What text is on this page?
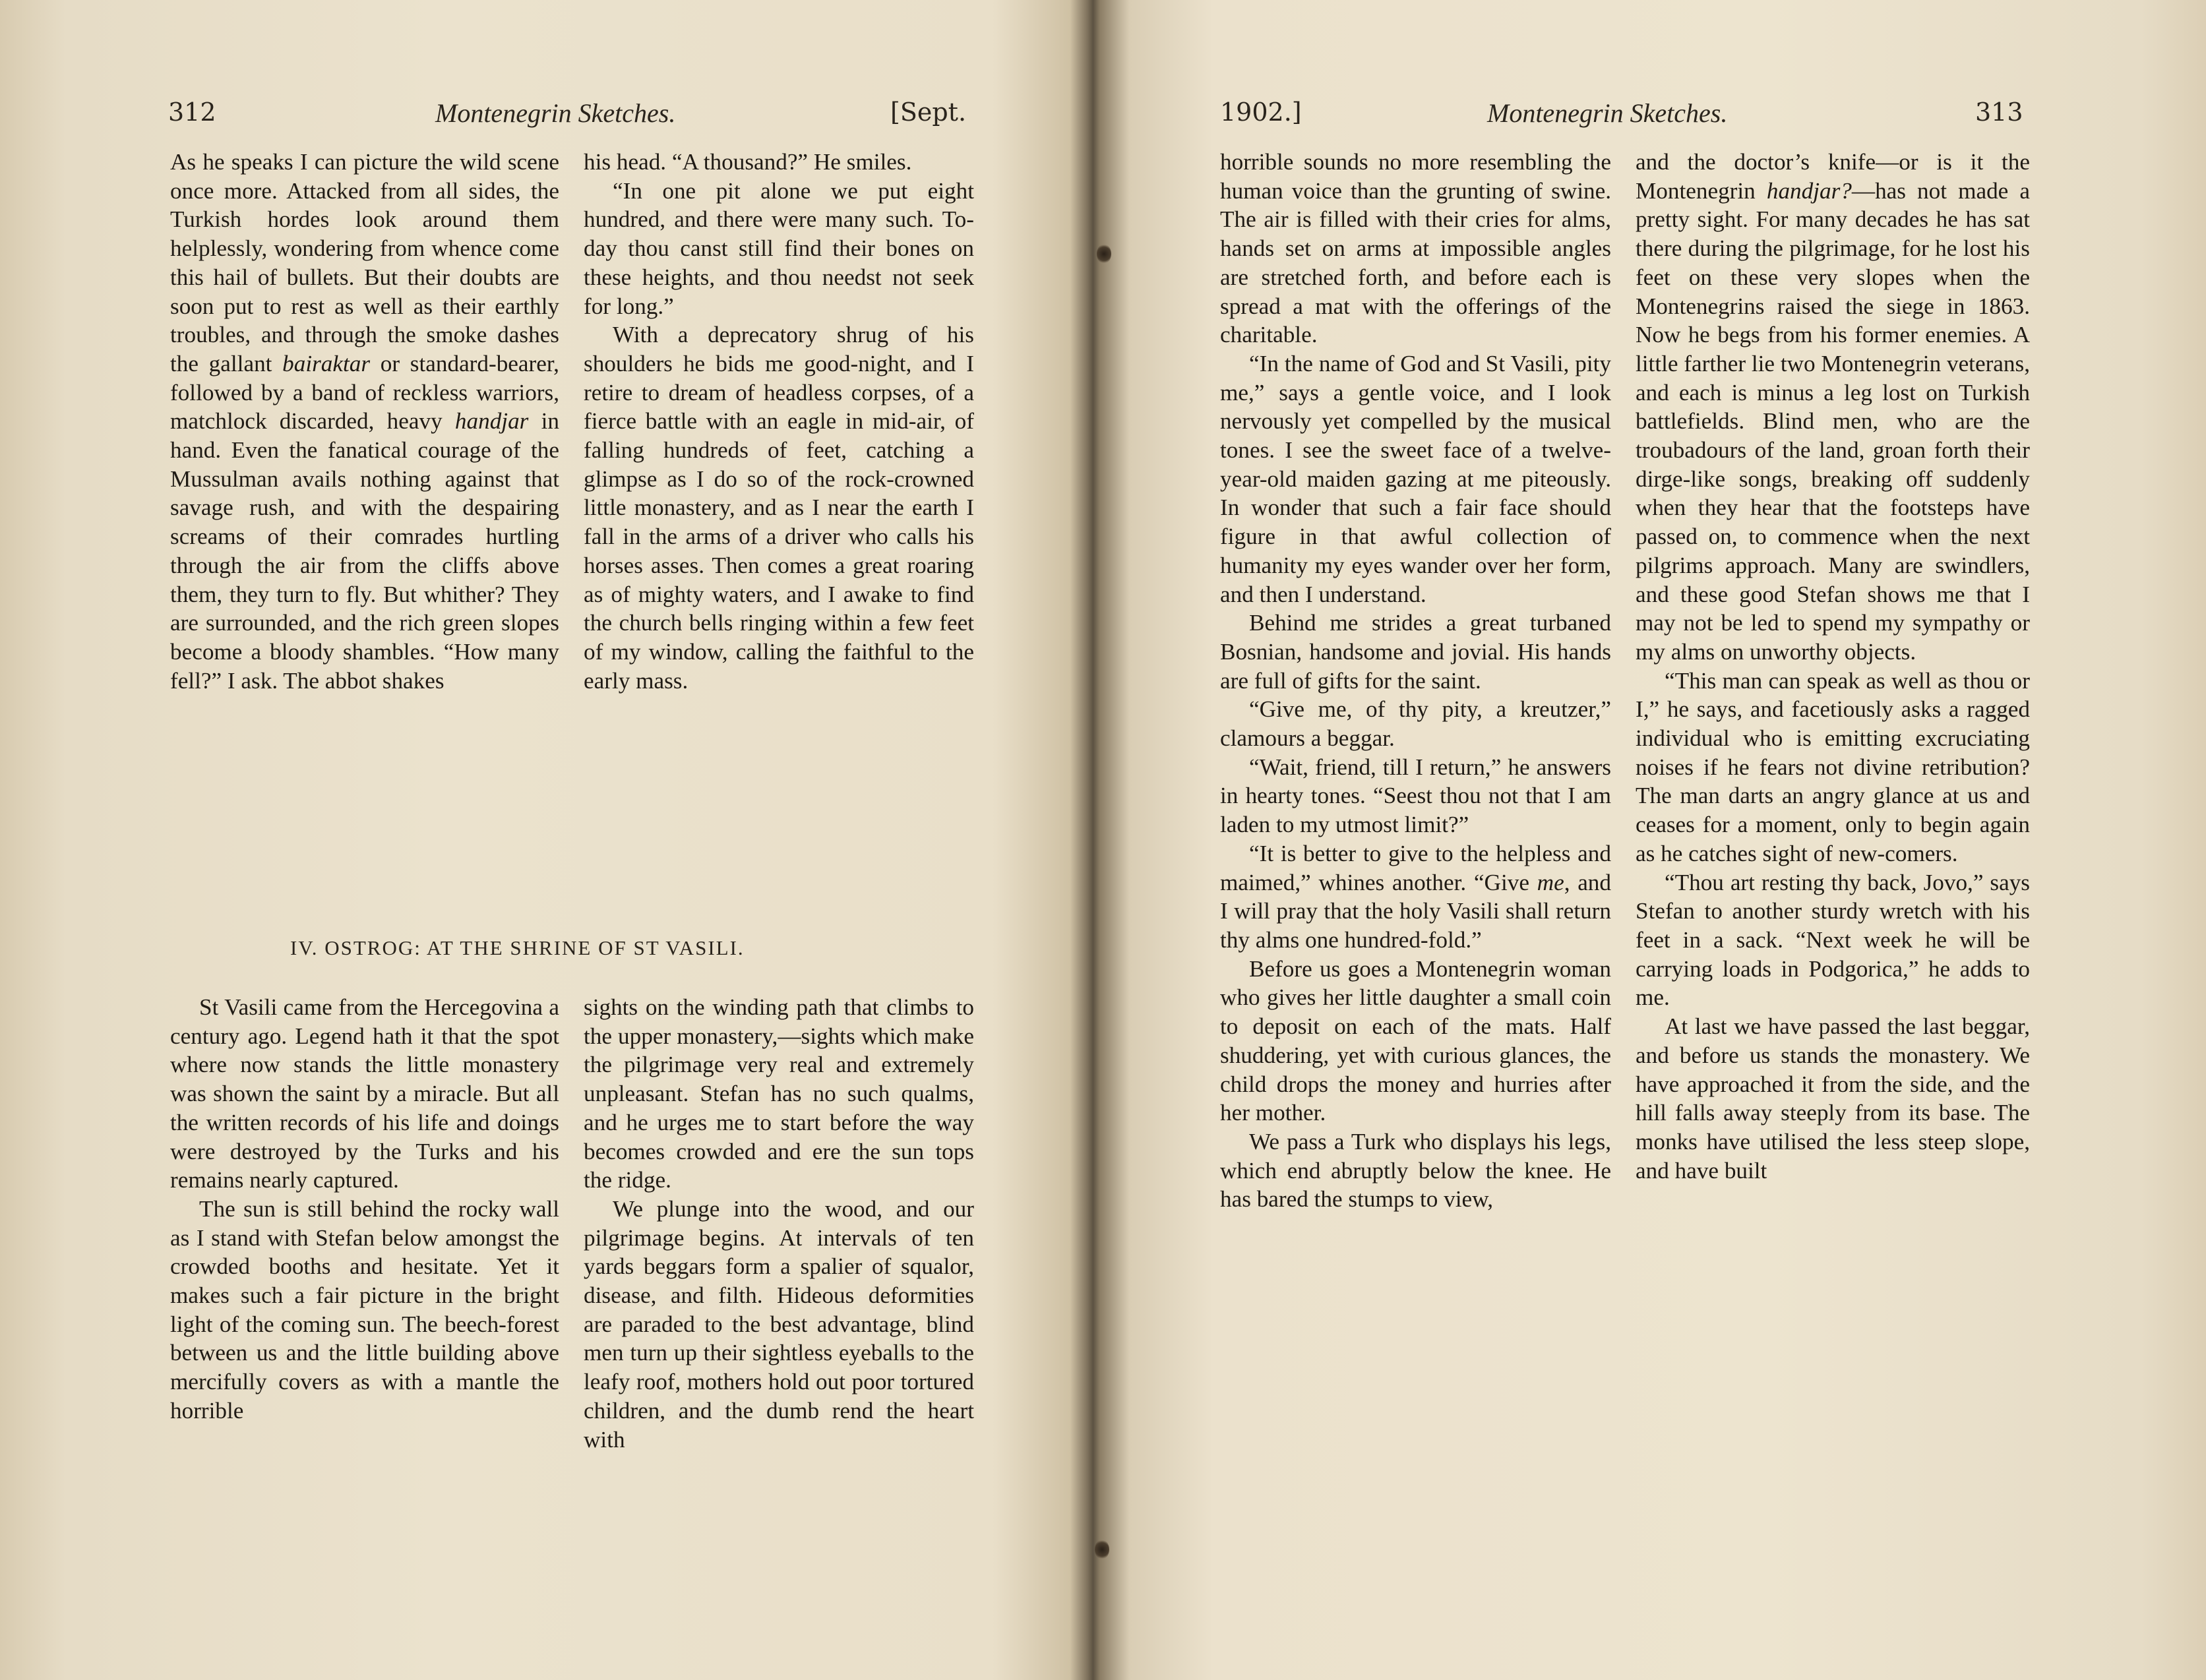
312	Montenegrin Sketches.	[Sept.

As he speaks I can picture the wild scene once more. Attacked from all sides, the Turkish hordes look around them helplessly, wondering from whence come this hail of bullets. But their doubts are soon put to rest as well as their earthly troubles, and through the smoke dashes the gallant bairaktar or standard-bearer, followed by a band of reckless warriors, matchlock discarded, heavy handjar in hand. Even the fanatical courage of the Mussulman avails nothing against that savage rush, and with the despairing screams of their comrades hurtling through the air from the cliffs above them, they turn to fly. But whither? They are surrounded, and the rich green slopes become a bloody shambles. “How many fell?” I ask. The abbot shakes

his head. “A thousand?” He smiles.

“In one pit alone we put eight hundred, and there were many such. To-day thou canst still find their bones on these heights, and thou needst not seek for long.”

With a deprecatory shrug of his shoulders he bids me good-night, and I retire to dream of headless corpses, of a fierce battle with an eagle in mid-air, of falling hundreds of feet, catching a glimpse as I do so of the rock-crowned little monastery, and as I near the earth I fall in the arms of a driver who calls his horses asses. Then comes a great roaring as of mighty waters, and I awake to find the church bells ringing within a few feet of my window, calling the faithful to the early mass.

IV. OSTROG: AT THE SHRINE OF ST VASILI.

St Vasili came from the Hercegovina a century ago. Legend hath it that the spot where now stands the little monastery was shown the saint by a miracle. But all the written records of his life and doings were destroyed by the Turks and his remains nearly captured.

The sun is still behind the rocky wall as I stand with Stefan below amongst the crowded booths and hesitate. Yet it makes such a fair picture in the bright light of the coming sun. The beech-forest between us and the little building above mercifully covers as with a mantle the horrible

sights on the winding path that climbs to the upper monastery,—sights which make the pilgrimage very real and extremely unpleasant. Stefan has no such qualms, and he urges me to start before the way becomes crowded and ere the sun tops the ridge.

We plunge into the wood, and our pilgrimage begins. At intervals of ten yards beggars form a spalier of squalor, disease, and filth. Hideous deformities are paraded to the best advantage, blind men turn up their sightless eyeballs to the leafy roof, mothers hold out poor tortured children, and the dumb rend the heart with

1902.]	Montenegrin Sketches.	313

horrible sounds no more resembling the human voice than the grunting of swine. The air is filled with their cries for alms, hands set on arms at impossible angles are stretched forth, and before each is spread a mat with the offerings of the charitable.

“In the name of God and St Vasili, pity me,” says a gentle voice, and I look nervously yet compelled by the musical tones. I see the sweet face of a twelve-year-old maiden gazing at me piteously. In wonder that such a fair face should figure in that awful collection of humanity my eyes wander over her form, and then I understand.

Behind me strides a great turbaned Bosnian, handsome and jovial. His hands are full of gifts for the saint.

“Give me, of thy pity, a kreutzer,” clamours a beggar.

“Wait, friend, till I return,” he answers in hearty tones. “Seest thou not that I am laden to my utmost limit?”

“It is better to give to the helpless and maimed,” whines another. “Give me, and I will pray that the holy Vasili shall return thy alms one hundred-fold.”

Before us goes a Montenegrin woman who gives her little daughter a small coin to deposit on each of the mats. Half shuddering, yet with curious glances, the child drops the money and hurries after her mother.

We pass a Turk who displays his legs, which end abruptly below the knee. He has bared the stumps to view,

and the doctor’s knife—or is it the Montenegrin handjar?—has not made a pretty sight. For many decades he has sat there during the pilgrimage, for he lost his feet on these very slopes when the Montenegrins raised the siege in 1863. Now he begs from his former enemies. A little farther lie two Montenegrin veterans, and each is minus a leg lost on Turkish battlefields. Blind men, who are the troubadours of the land, groan forth their dirge-like songs, breaking off suddenly when they hear that the footsteps have passed on, to commence when the next pilgrims approach. Many are swindlers, and these good Stefan shows me that I may not be led to spend my sympathy or my alms on unworthy objects.

“This man can speak as well as thou or I,” he says, and facetiously asks a ragged individual who is emitting excruciating noises if he fears not divine retribution? The man darts an angry glance at us and ceases for a moment, only to begin again as he catches sight of new-comers.

“Thou art resting thy back, Jovo,” says Stefan to another sturdy wretch with his feet in a sack. “Next week he will be carrying loads in Podgorica,” he adds to me.

At last we have passed the last beggar, and before us stands the monastery. We have approached it from the side, and the hill falls away steeply from its base. The monks have utilised the less steep slope, and have built
